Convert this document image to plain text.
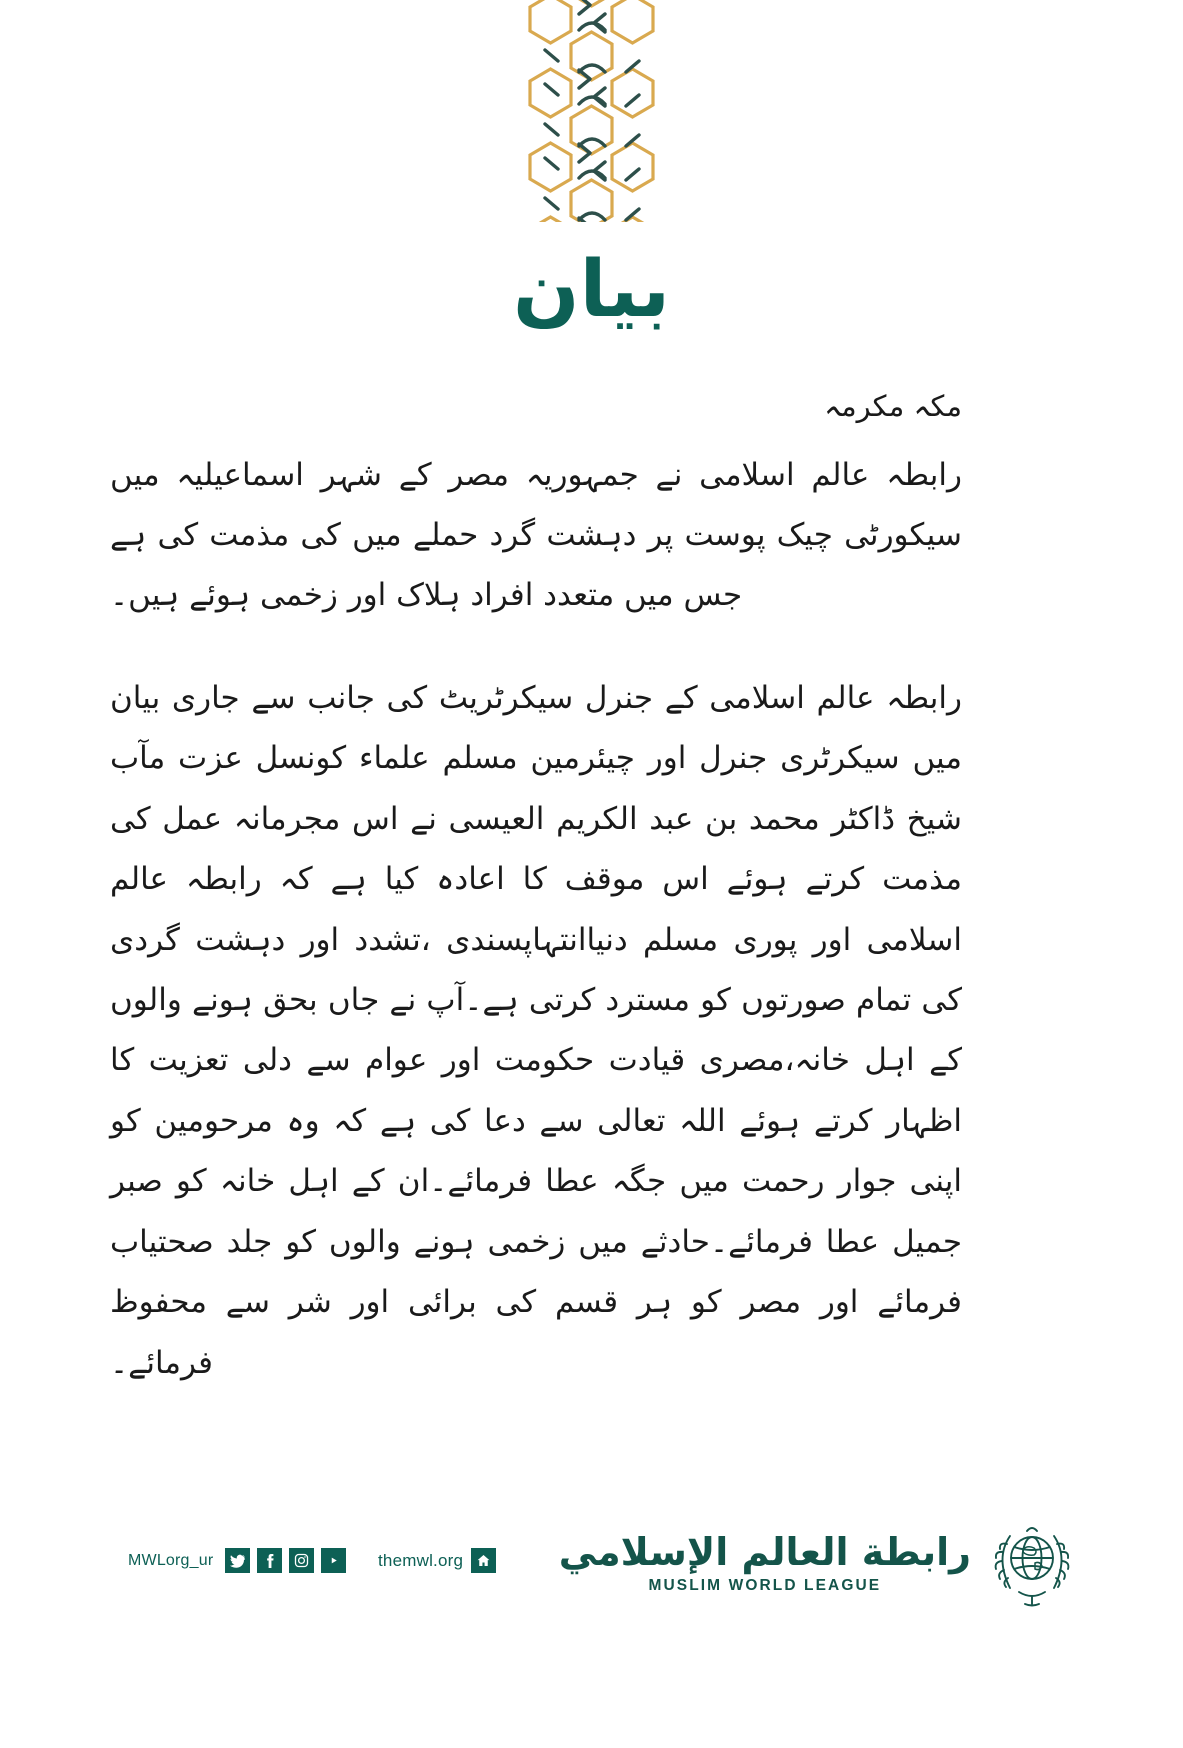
بیان
مکہ مکرمہ
رابطہ عالم اسلامی نے جمہوریہ مصر کے شہر اسماعیلیہ میں سیکورٹی چیک پوست پر دہشت گرد حملے میں کی مذمت کی ہے جس میں متعدد افراد ہلاک اور زخمی ہوئے ہیں۔
رابطہ عالم اسلامی کے جنرل سیکرٹریٹ کی جانب سے جاری بیان میں سیکرٹری جنرل اور چیئرمین مسلم علماء کونسل عزت مآب شیخ ڈاکٹر محمد بن عبد الکریم العیسی نے اس مجرمانہ عمل کی مذمت کرتے ہوئے اس موقف کا اعادہ کیا ہے کہ رابطہ عالم اسلامی اور پوری مسلم دنیاانتہاپسندی ،تشدد اور دہشت گردی کی تمام صورتوں کو مسترد کرتی ہے۔آپ نے جاں بحق ہونے والوں کے اہل خانہ،مصری قیادت حکومت اور عوام سے دلی تعزیت کا اظہار کرتے ہوئے اللہ تعالی سے دعا کی ہے کہ وہ مرحومین کو اپنی جوار رحمت میں جگہ عطا فرمائے۔ان کے اہل خانہ کو صبر جمیل عطا فرمائے۔حادثے میں زخمی ہونے والوں کو جلد صحتیاب فرمائے اور مصر کو ہر قسم کی برائی اور شر سے محفوظ فرمائے۔
MWLorg_ur	themwl.org	رابطة العالم الإسلامي
MUSLIM WORLD LEAGUE
